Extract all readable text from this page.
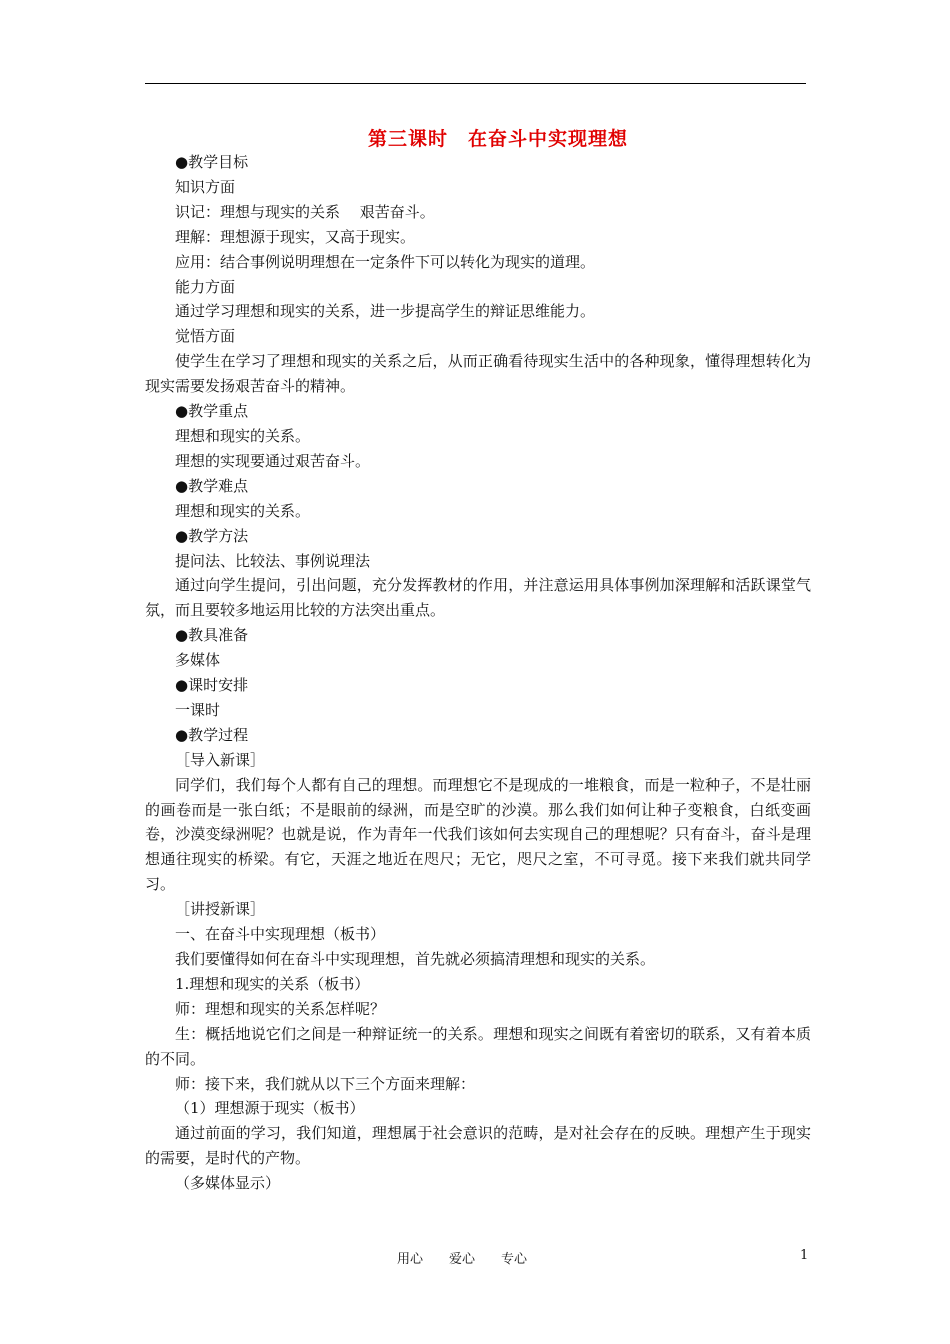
第三课时　在奋斗中实现理想

●教学目标

知识方面

识记：理想与现实的关系　 艰苦奋斗。

理解：理想源于现实，又高于现实。

应用：结合事例说明理想在一定条件下可以转化为现实的道理。

能力方面

通过学习理想和现实的关系，进一步提高学生的辩证思维能力。

觉悟方面

使学生在学习了理想和现实的关系之后，从而正确看待现实生活中的各种现象，懂得理想转化为现实需要发扬艰苦奋斗的精神。

●教学重点

理想和现实的关系。

理想的实现要通过艰苦奋斗。

●教学难点

理想和现实的关系。

●教学方法

提问法、比较法、事例说理法

通过向学生提问，引出问题，充分发挥教材的作用，并注意运用具体事例加深理解和活跃课堂气氛，而且要较多地运用比较的方法突出重点。

●教具准备

多媒体

●课时安排

一课时

●教学过程

［导入新课］

同学们，我们每个人都有自己的理想。而理想它不是现成的一堆粮食，而是一粒种子，不是壮丽的画卷而是一张白纸；不是眼前的绿洲，而是空旷的沙漠。那么我们如何让种子变粮食，白纸变画卷，沙漠变绿洲呢？也就是说，作为青年一代我们该如何去实现自己的理想呢？只有奋斗，奋斗是理想通往现实的桥梁。有它，天涯之地近在咫尺；无它，咫尺之室，不可寻觅。接下来我们就共同学习。

［讲授新课］

一、在奋斗中实现理想（板书）

我们要懂得如何在奋斗中实现理想，首先就必须搞清理想和现实的关系。

1.理想和现实的关系（板书）

师：理想和现实的关系怎样呢？

生：概括地说它们之间是一种辩证统一的关系。理想和现实之间既有着密切的联系，又有着本质的不同。

师：接下来，我们就从以下三个方面来理解：

（1）理想源于现实（板书）

通过前面的学习，我们知道，理想属于社会意识的范畴，是对社会存在的反映。理想产生于现实的需要，是时代的产物。

（多媒体显示）

用心　　爱心　　专心	1
